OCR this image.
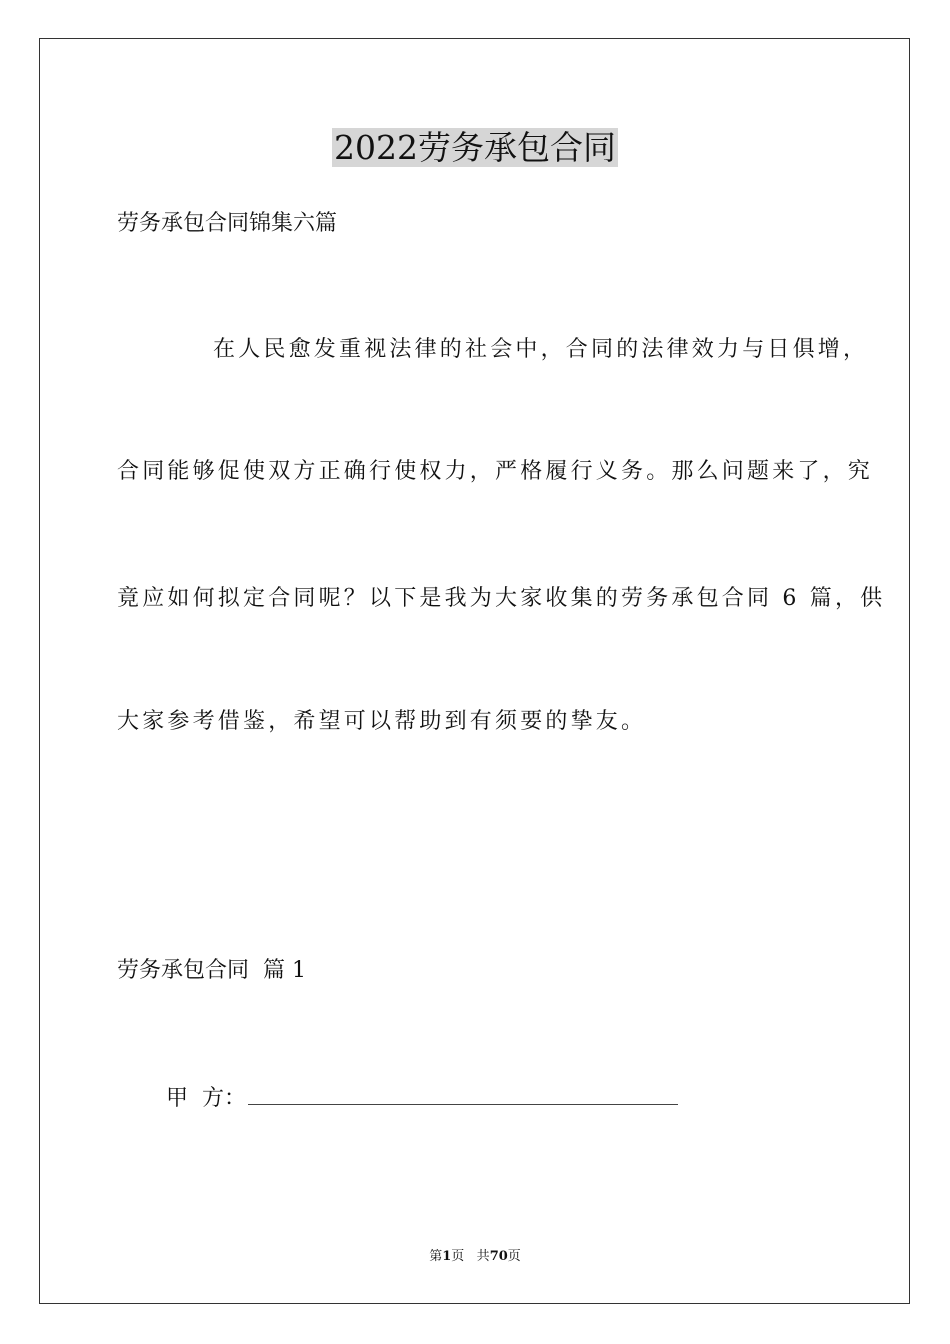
2022劳务承包合同
劳务承包合同锦集六篇
在人民愈发重视法律的社会中，合同的法律效力与日俱增，
合同能够促使双方正确行使权力，严格履行义务。那么问题来了，究
竟应如何拟定合同呢？以下是我为大家收集的劳务承包合同 6 篇，供
大家参考借鉴，希望可以帮助到有须要的挚友。
劳务承包合同  篇 1
甲  方：
第1页 共70页
